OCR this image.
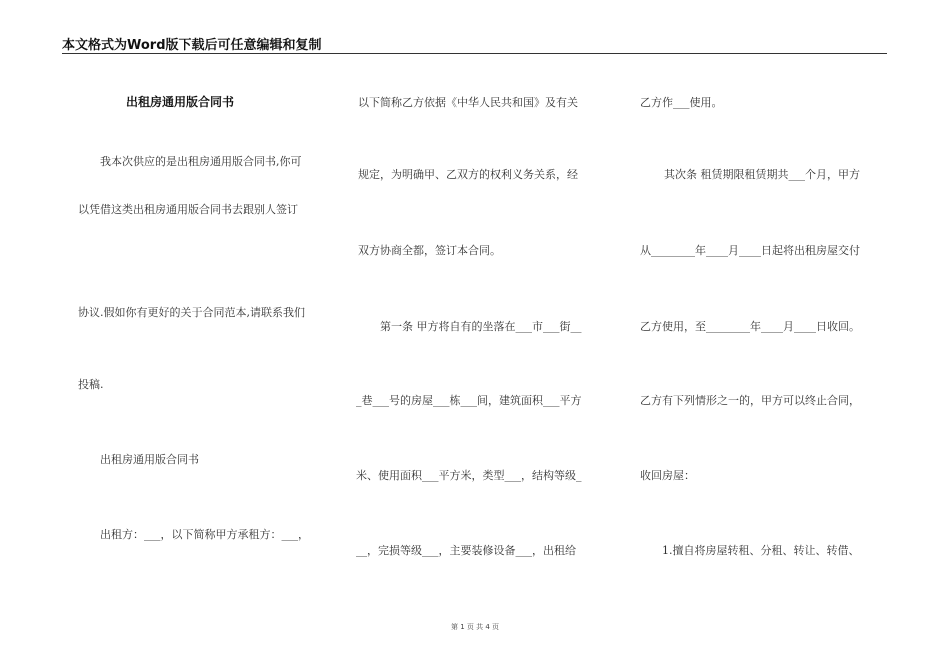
本文格式为Word版下载后可任意编辑和复制
出租房通用版合同书
我本次供应的是出租房通用版合同书,你可
以凭借这类出租房通用版合同书去跟别人签订
协议.假如你有更好的关于合同范本,请联系我们
投稿.
出租房通用版合同书
出租方：___，以下简称甲方承租方：___，
以下简称乙方依据《中华人民共和国》及有关
规定，为明确甲、乙双方的权利义务关系，经
双方协商全都，签订本合同。
第一条 甲方将自有的坐落在___市___街__
_巷___号的房屋___栋___间，建筑面积___平方
米、使用面积___平方米，类型___，结构等级_
__，完损等级___，主要装修设备___，出租给
乙方作___使用。
其次条 租赁期限租赁期共___个月，甲方
从________年____月____日起将出租房屋交付
乙方使用，至________年____月____日收回。
乙方有下列情形之一的，甲方可以终止合同，
收回房屋：
1.擅自将房屋转租、分租、转让、转借、
第 1 页 共 4 页
